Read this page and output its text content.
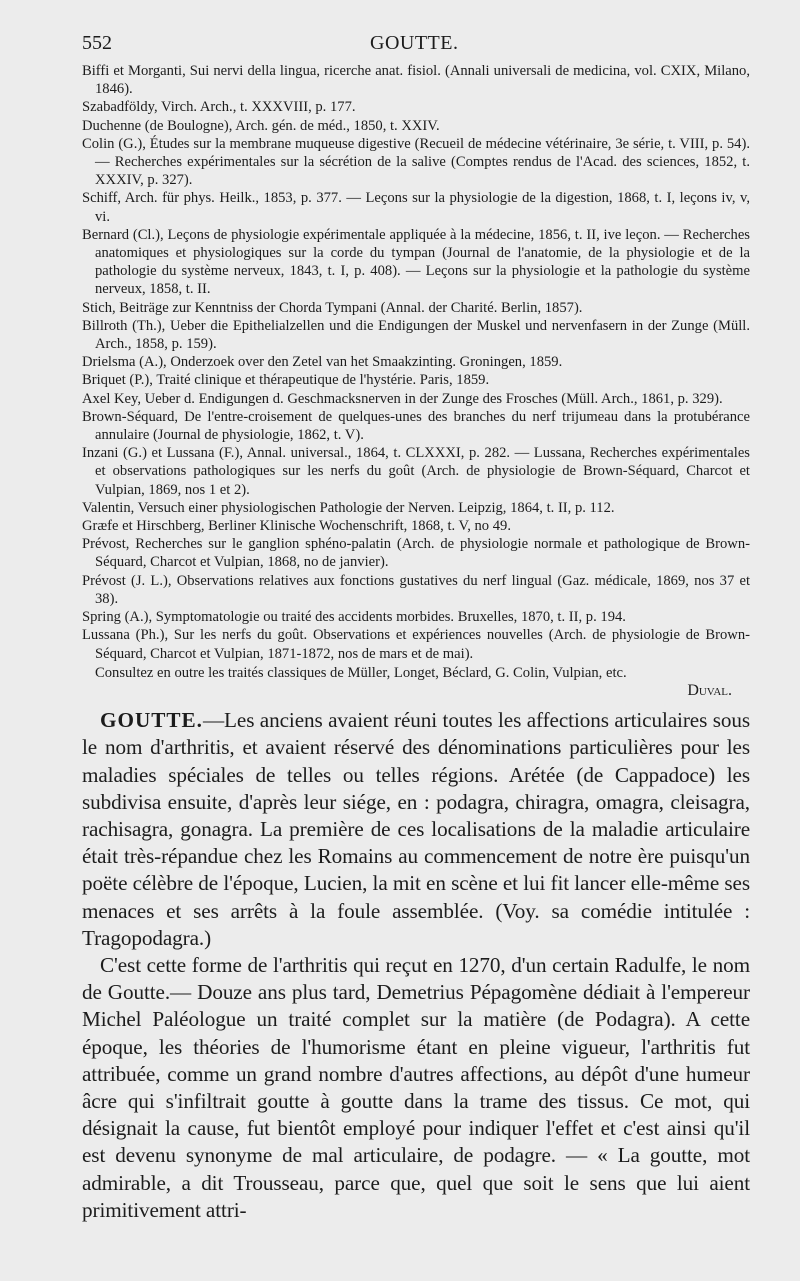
552	GOUTTE.
Biffi et Morganti, Sui nervi della lingua, ricerche anat. fisiol. (Annali universali de medicina, vol. CXIX, Milano, 1846).
Szabadföldy, Virch. Arch., t. XXXVIII, p. 177.
Duchenne (de Boulogne), Arch. gén. de méd., 1850, t. XXIV.
Colin (G.), Études sur la membrane muqueuse digestive (Recueil de médecine vétérinaire, 3e série, t. VIII, p. 54). — Recherches expérimentales sur la sécrétion de la salive (Comptes rendus de l'Acad. des sciences, 1852, t. XXXIV, p. 327).
Schiff, Arch. für phys. Heilk., 1853, p. 377. — Leçons sur la physiologie de la digestion, 1868, t. I, leçons iv, v, vi.
Bernard (Cl.), Leçons de physiologie expérimentale appliquée à la médecine, 1856, t. II, ive leçon. — Recherches anatomiques et physiologiques sur la corde du tympan (Journal de l'anatomie, de la physiologie et de la pathologie du système nerveux, 1843, t. I, p. 408). — Leçons sur la physiologie et la pathologie du système nerveux, 1858, t. II.
Stich, Beiträge zur Kenntniss der Chorda Tympani (Annal. der Charité. Berlin, 1857).
Billroth (Th.), Ueber die Epithelialzellen und die Endigungen der Muskel und nervenfasern in der Zunge (Müll. Arch., 1858, p. 159).
Drielsma (A.), Onderzoek over den Zetel van het Smaakzinting. Groningen, 1859.
Briquet (P.), Traité clinique et thérapeutique de l'hystérie. Paris, 1859.
Axel Key, Ueber d. Endigungen d. Geschmacksnerven in der Zunge des Frosches (Müll. Arch., 1861, p. 329).
Brown-Séquard, De l'entre-croisement de quelques-unes des branches du nerf trijumeau dans la protubérance annulaire (Journal de physiologie, 1862, t. V).
Inzani (G.) et Lussana (F.), Annal. universal., 1864, t. CLXXXI, p. 282. — Lussana, Recherches expérimentales et observations pathologiques sur les nerfs du goût (Arch. de physiologie de Brown-Séquard, Charcot et Vulpian, 1869, nos 1 et 2).
Valentin, Versuch einer physiologischen Pathologie der Nerven. Leipzig, 1864, t. II, p. 112.
Græfe et Hirschberg, Berliner Klinische Wochenschrift, 1868, t. V, no 49.
Prévost, Recherches sur le ganglion sphéno-palatin (Arch. de physiologie normale et pathologique de Brown-Séquard, Charcot et Vulpian, 1868, no de janvier).
Prévost (J. L.), Observations relatives aux fonctions gustatives du nerf lingual (Gaz. médicale, 1869, nos 37 et 38).
Spring (A.), Symptomatologie ou traité des accidents morbides. Bruxelles, 1870, t. II, p. 194.
Lussana (Ph.), Sur les nerfs du goût. Observations et expériences nouvelles (Arch. de physiologie de Brown-Séquard, Charcot et Vulpian, 1871-1872, nos de mars et de mai).
Consultez en outre les traités classiques de Müller, Longet, Béclard, G. Colin, Vulpian, etc.
Duval.

GOUTTE.—Les anciens avaient réuni toutes les affections articulaires sous le nom d'arthritis, et avaient réservé des dénominations particulières pour les maladies spéciales de telles ou telles régions. Arétée (de Cappadoce) les subdivisa ensuite, d'après leur siége, en : podagra, chiragra, omagra, cleisagra, rachisagra, gonagra. La première de ces localisations de la maladie articulaire était très-répandue chez les Romains au commencement de notre ère puisqu'un poëte célèbre de l'époque, Lucien, la mit en scène et lui fit lancer elle-même ses menaces et ses arrêts à la foule assemblée. (Voy. sa comédie intitulée : Tragopodagra.)

C'est cette forme de l'arthritis qui reçut en 1270, d'un certain Radulfe, le nom de Goutte.— Douze ans plus tard, Demetrius Pépagomène dédiait à l'empereur Michel Paléologue un traité complet sur la matière (de Podagra). A cette époque, les théories de l'humorisme étant en pleine vigueur, l'arthritis fut attribuée, comme un grand nombre d'autres affections, au dépôt d'une humeur âcre qui s'infiltrait goutte à goutte dans la trame des tissus. Ce mot, qui désignait la cause, fut bientôt employé pour indiquer l'effet et c'est ainsi qu'il est devenu synonyme de mal articulaire, de podagre. — « La goutte, mot admirable, a dit Trousseau, parce que, quel que soit le sens que lui aient primitivement attri-
